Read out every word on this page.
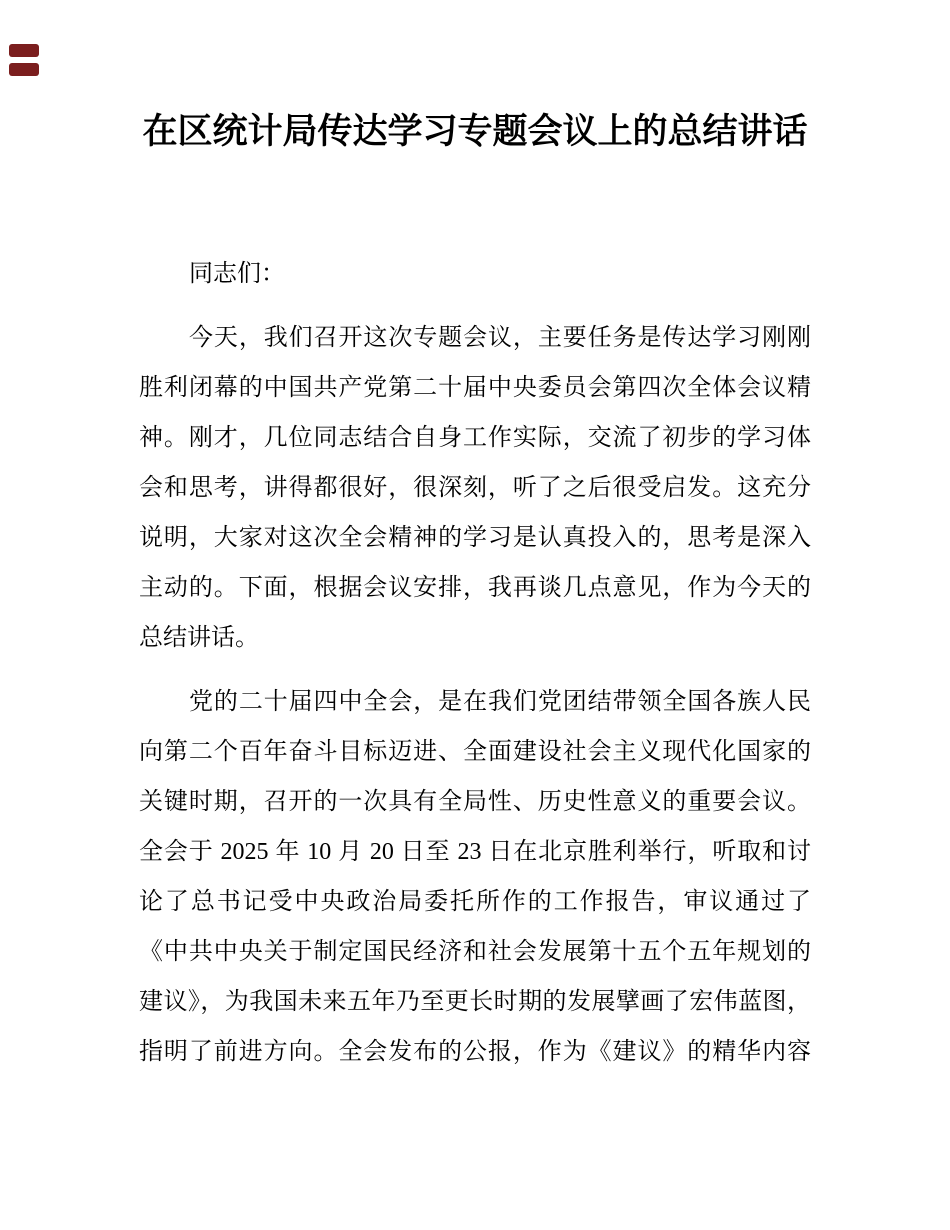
在区统计局传达学习专题会议上的总结讲话
同志们：
今天，我们召开这次专题会议，主要任务是传达学习刚刚
胜利闭幕的中国共产党第二十届中央委员会第四次全体会议精
神。刚才，几位同志结合自身工作实际，交流了初步的学习体
会和思考，讲得都很好，很深刻，听了之后很受启发。这充分
说明，大家对这次全会精神的学习是认真投入的，思考是深入
主动的。下面，根据会议安排，我再谈几点意见，作为今天的
总结讲话。
党的二十届四中全会，是在我们党团结带领全国各族人民
向第二个百年奋斗目标迈进、全面建设社会主义现代化国家的
关键时期，召开的一次具有全局性、历史性意义的重要会议。
全会于 2025 年 10 月 20 日至 23 日在北京胜利举行，听取和讨
论了总书记受中央政治局委托所作的工作报告，审议通过了
《中共中央关于制定国民经济和社会发展第十五个五年规划的
建议》，为我国未来五年乃至更长时期的发展擘画了宏伟蓝图，
指明了前进方向。全会发布的公报，作为《建议》的精华内容
